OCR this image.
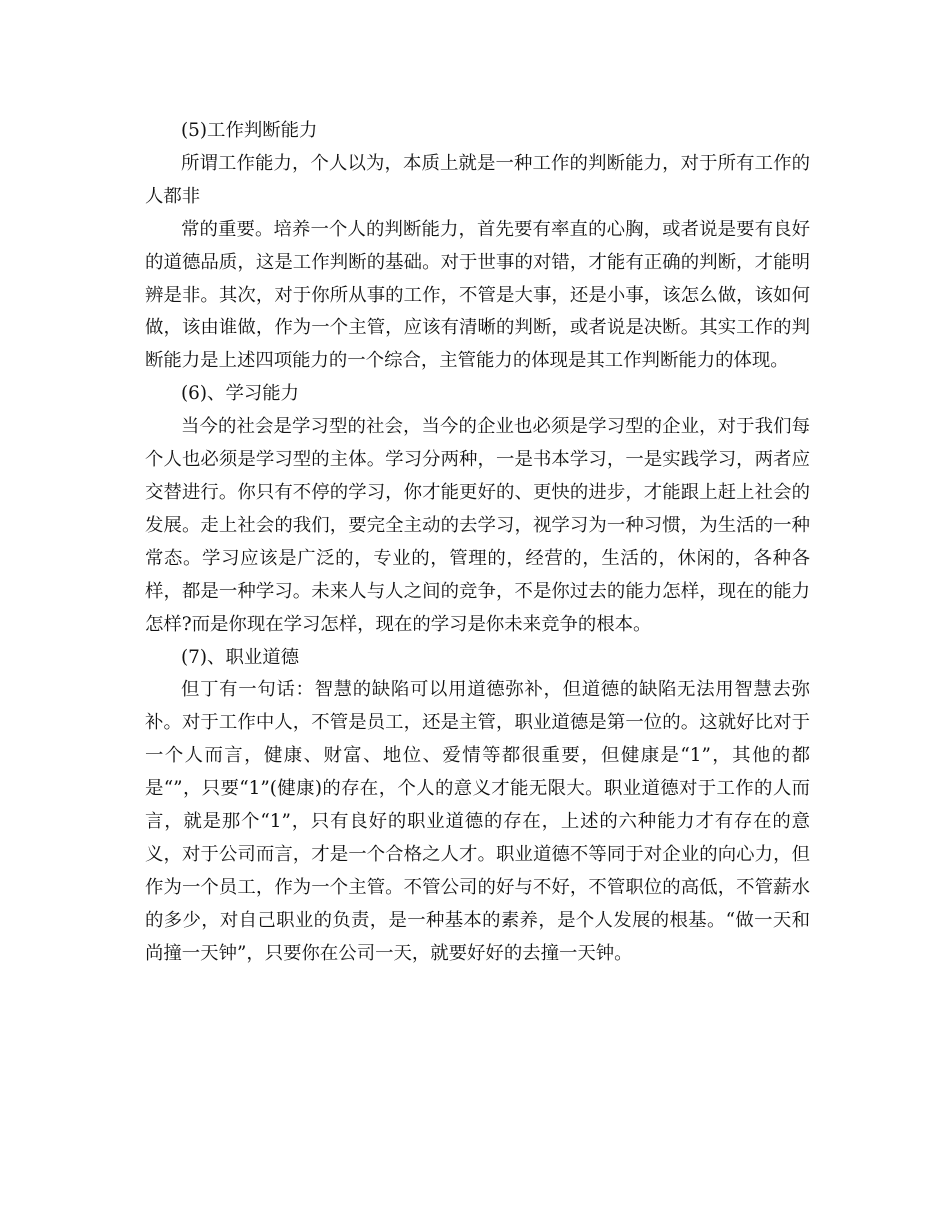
(5)工作判断能力

所谓工作能力，个人以为，本质上就是一种工作的判断能力，对于所有工作的人都非

常的重要。培养一个人的判断能力，首先要有率直的心胸，或者说是要有良好的道德品质，这是工作判断的基础。对于世事的对错，才能有正确的判断，才能明辨是非。其次，对于你所从事的工作，不管是大事，还是小事，该怎么做，该如何做，该由谁做，作为一个主管，应该有清晰的判断，或者说是决断。其实工作的判断能力是上述四项能力的一个综合，主管能力的体现是其工作判断能力的体现。

(6)、学习能力

当今的社会是学习型的社会，当今的企业也必须是学习型的企业，对于我们每个人也必须是学习型的主体。学习分两种，一是书本学习，一是实践学习，两者应交替进行。你只有不停的学习，你才能更好的、更快的进步，才能跟上赶上社会的发展。走上社会的我们，要完全主动的去学习，视学习为一种习惯，为生活的一种常态。学习应该是广泛的，专业的，管理的，经营的，生活的，休闲的，各种各样，都是一种学习。未来人与人之间的竞争，不是你过去的能力怎样，现在的能力怎样?而是你现在学习怎样，现在的学习是你未来竞争的根本。

(7)、职业道德

但丁有一句话：智慧的缺陷可以用道德弥补，但道德的缺陷无法用智慧去弥补。对于工作中人，不管是员工，还是主管，职业道德是第一位的。这就好比对于一个人而言，健康、财富、地位、爱情等都很重要，但健康是“1”，其他的都是“”，只要“1”(健康)的存在，个人的意义才能无限大。职业道德对于工作的人而言，就是那个“1”，只有良好的职业道德的存在，上述的六种能力才有存在的意义，对于公司而言，才是一个合格之人才。职业道德不等同于对企业的向心力，但作为一个员工，作为一个主管。不管公司的好与不好，不管职位的高低，不管薪水的多少，对自己职业的负责，是一种基本的素养，是个人发展的根基。“做一天和尚撞一天钟”，只要你在公司一天，就要好好的去撞一天钟。
